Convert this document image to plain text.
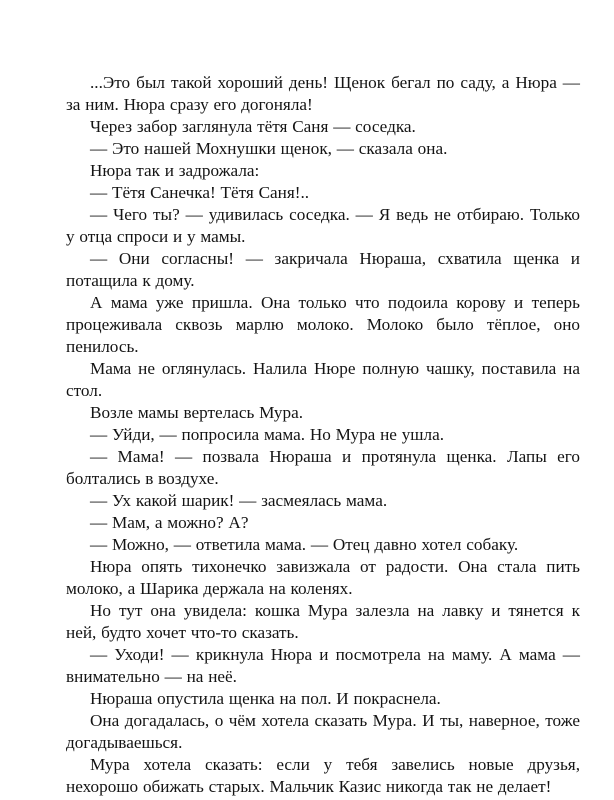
...Это был такой хороший день! Щенок бегал по саду, а Нюра — за ним. Нюра сразу его догоняла!

Через забор заглянула тётя Саня — соседка.

— Это нашей Мохнушки щенок, — сказала она.

Нюра так и задрожала:

— Тётя Санечка! Тётя Саня!..

— Чего ты? — удивилась соседка. — Я ведь не отбираю. Только у отца спроси и у мамы.

— Они согласны! — закричала Нюраша, схватила щенка и потащила к дому.

А мама уже пришла. Она только что подоила корову и теперь процеживала сквозь марлю молоко. Молоко было тёплое, оно пенилось.

Мама не оглянулась. Налила Нюре полную чашку, поставила на стол.

Возле мамы вертелась Мура.

— Уйди, — попросила мама. Но Мура не ушла.

— Мама! — позвала Нюраша и протянула щенка. Лапы его болтались в воздухе.

— Ух какой шарик! — засмеялась мама.

— Мам, а можно? А?

— Можно, — ответила мама. — Отец давно хотел собаку.

Нюра опять тихонечко завизжала от радости. Она стала пить молоко, а Шарика держала на коленях.

Но тут она увидела: кошка Мура залезла на лавку и тянется к ней, будто хочет что-то сказать.

— Уходи! — крикнула Нюра и посмотрела на маму. А мама — внимательно — на неё.

Нюраша опустила щенка на пол. И покраснела.

Она догадалась, о чём хотела сказать Мура. И ты, наверное, тоже догадываешься.

Мура хотела сказать: если у тебя завелись новые друзья, нехорошо обижать старых. Мальчик Казис никогда так не делает!
